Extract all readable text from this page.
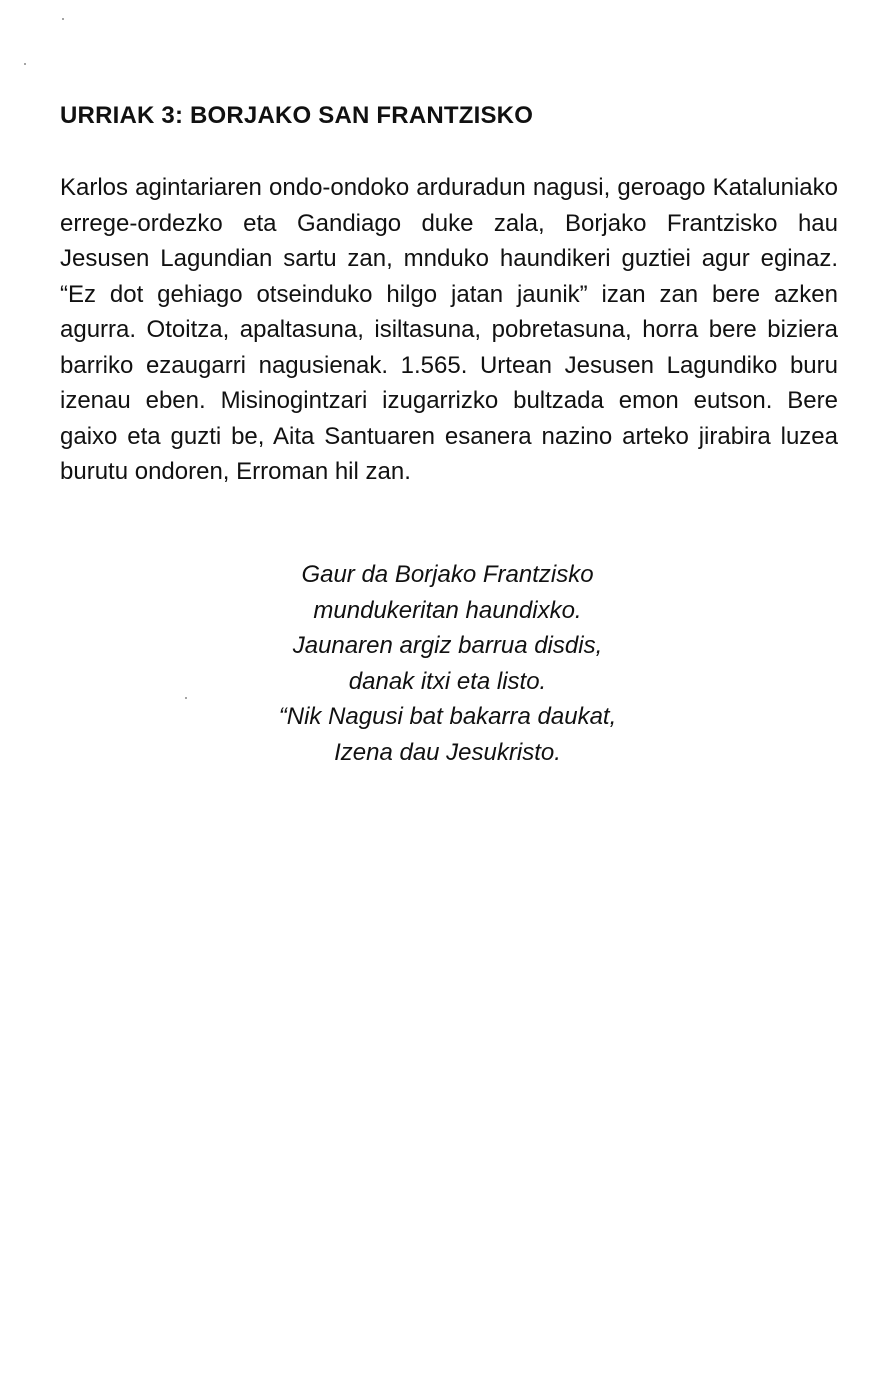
URRIAK 3: BORJAKO SAN FRANTZISKO

Karlos agintariaren ondo-ondoko arduradun nagusi, geroago Kataluniako
errege-ordezko eta Gandiago duke zala, Borjako Frantzisko hau
Jesusen Lagundian sartu zan, mnduko haundikeri guztiei agur eginaz.
“Ez dot gehiago otseinduko hilgo jatan jaunik” izan zan bere azken
agurra. Otoitza, apaltasuna, isiltasuna, pobretasuna, horra bere biziera
barriko ezaugarri nagusienak. 1.565. Urtean Jesusen Lagundiko buru
izenau eben. Misinogintzari izugarrizko bultzada emon eutson. Bere
gaixo eta guzti be, Aita Santuaren esanera nazino arteko jirabira luzea
burutu ondoren, Erroman hil zan.

Gaur da Borjako Frantzisko
mundukeritan haundixko.
Jaunaren argiz barrua disdis,
danak itxi eta listo.
“Nik Nagusi bat bakarra daukat,
Izena dau Jesukristo.
